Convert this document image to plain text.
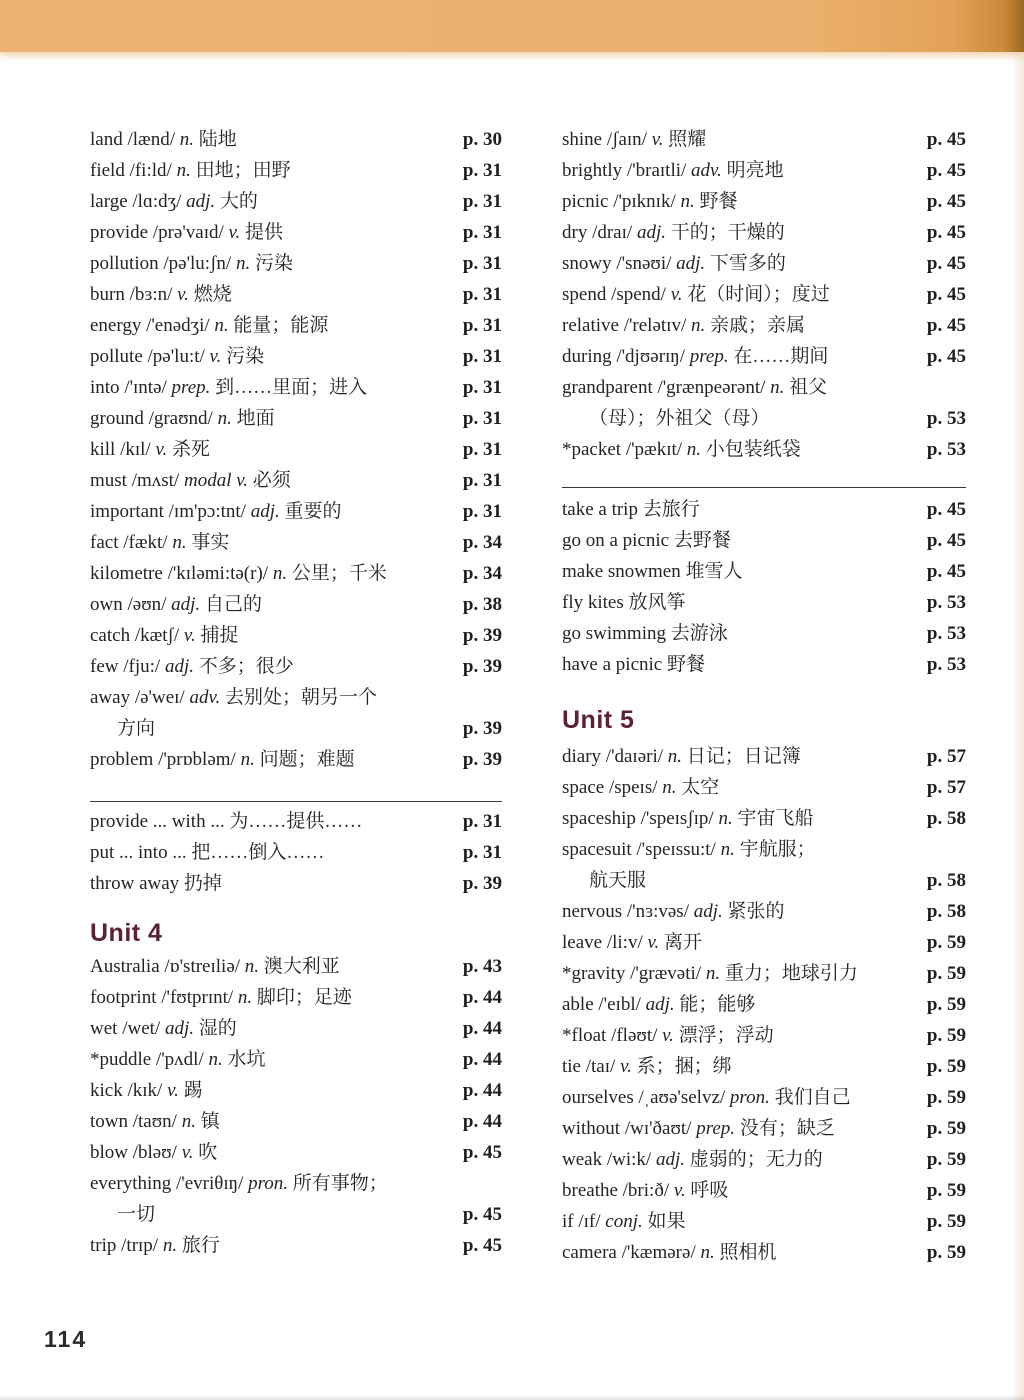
land /lænd/ n. 陆地	p. 30
field /fi:ld/ n. 田地；田野	p. 31
large /lɑ:dʒ/ adj. 大的	p. 31
provide /prə'vaɪd/ v. 提供	p. 31
pollution /pə'lu:ʃn/ n. 污染	p. 31
burn /bɜ:n/ v. 燃烧	p. 31
energy /'enədʒi/ n. 能量；能源	p. 31
pollute /pə'lu:t/ v. 污染	p. 31
into /'ɪntə/ prep. 到……里面；进入	p. 31
ground /graʊnd/ n. 地面	p. 31
kill /kɪl/ v. 杀死	p. 31
must /mʌst/ modal v. 必须	p. 31
important /ɪm'pɔ:tnt/ adj. 重要的	p. 31
fact /fækt/ n. 事实	p. 34
kilometre /'kɪləmi:tə(r)/ n. 公里；千米	p. 34
own /əʊn/ adj. 自己的	p. 38
catch /kætʃ/ v. 捕捉	p. 39
few /fju:/ adj. 不多；很少	p. 39
away /ə'weɪ/ adv. 去别处；朝另一个
方向	p. 39
problem /'prɒbləm/ n. 问题；难题	p. 39
provide ... with ... 为……提供……	p. 31
put ... into ... 把……倒入……	p. 31
throw away 扔掉	p. 39
Unit 4
Australia /ɒ'streɪliə/ n. 澳大利亚	p. 43
footprint /'fʊtprɪnt/ n. 脚印；足迹	p. 44
wet /wet/ adj. 湿的	p. 44
*puddle /'pʌdl/ n. 水坑	p. 44
kick /kɪk/ v. 踢	p. 44
town /taʊn/ n. 镇	p. 44
blow /bləʊ/ v. 吹	p. 45
everything /'evriθɪŋ/ pron. 所有事物；
一切	p. 45
trip /trɪp/ n. 旅行	p. 45
shine /ʃaɪn/ v. 照耀	p. 45
brightly /'braɪtli/ adv. 明亮地	p. 45
picnic /'pɪknɪk/ n. 野餐	p. 45
dry /draɪ/ adj. 干的；干燥的	p. 45
snowy /'snəʊi/ adj. 下雪多的	p. 45
spend /spend/ v. 花（时间）；度过	p. 45
relative /'relətɪv/ n. 亲戚；亲属	p. 45
during /'djʊərɪŋ/ prep. 在……期间	p. 45
grandparent /'grænpeərənt/ n. 祖父
（母）；外祖父（母）	p. 53
*packet /'pækɪt/ n. 小包装纸袋	p. 53
take a trip 去旅行	p. 45
go on a picnic 去野餐	p. 45
make snowmen 堆雪人	p. 45
fly kites 放风筝	p. 53
go swimming 去游泳	p. 53
have a picnic 野餐	p. 53
Unit 5
diary /'daɪəri/ n. 日记；日记簿	p. 57
space /speɪs/ n. 太空	p. 57
spaceship /'speɪsʃɪp/ n. 宇宙飞船	p. 58
spacesuit /'speɪssu:t/ n. 宇航服；
航天服	p. 58
nervous /'nɜ:vəs/ adj. 紧张的	p. 58
leave /li:v/ v. 离开	p. 59
*gravity /'grævəti/ n. 重力；地球引力	p. 59
able /'eɪbl/ adj. 能；能够	p. 59
*float /fləʊt/ v. 漂浮；浮动	p. 59
tie /taɪ/ v. 系；捆；绑	p. 59
ourselves /ˌaʊə'selvz/ pron. 我们自己	p. 59
without /wɪ'ðaʊt/ prep. 没有；缺乏	p. 59
weak /wi:k/ adj. 虚弱的；无力的	p. 59
breathe /bri:ð/ v. 呼吸	p. 59
if /ɪf/ conj. 如果	p. 59
camera /'kæmərə/ n. 照相机	p. 59
114
